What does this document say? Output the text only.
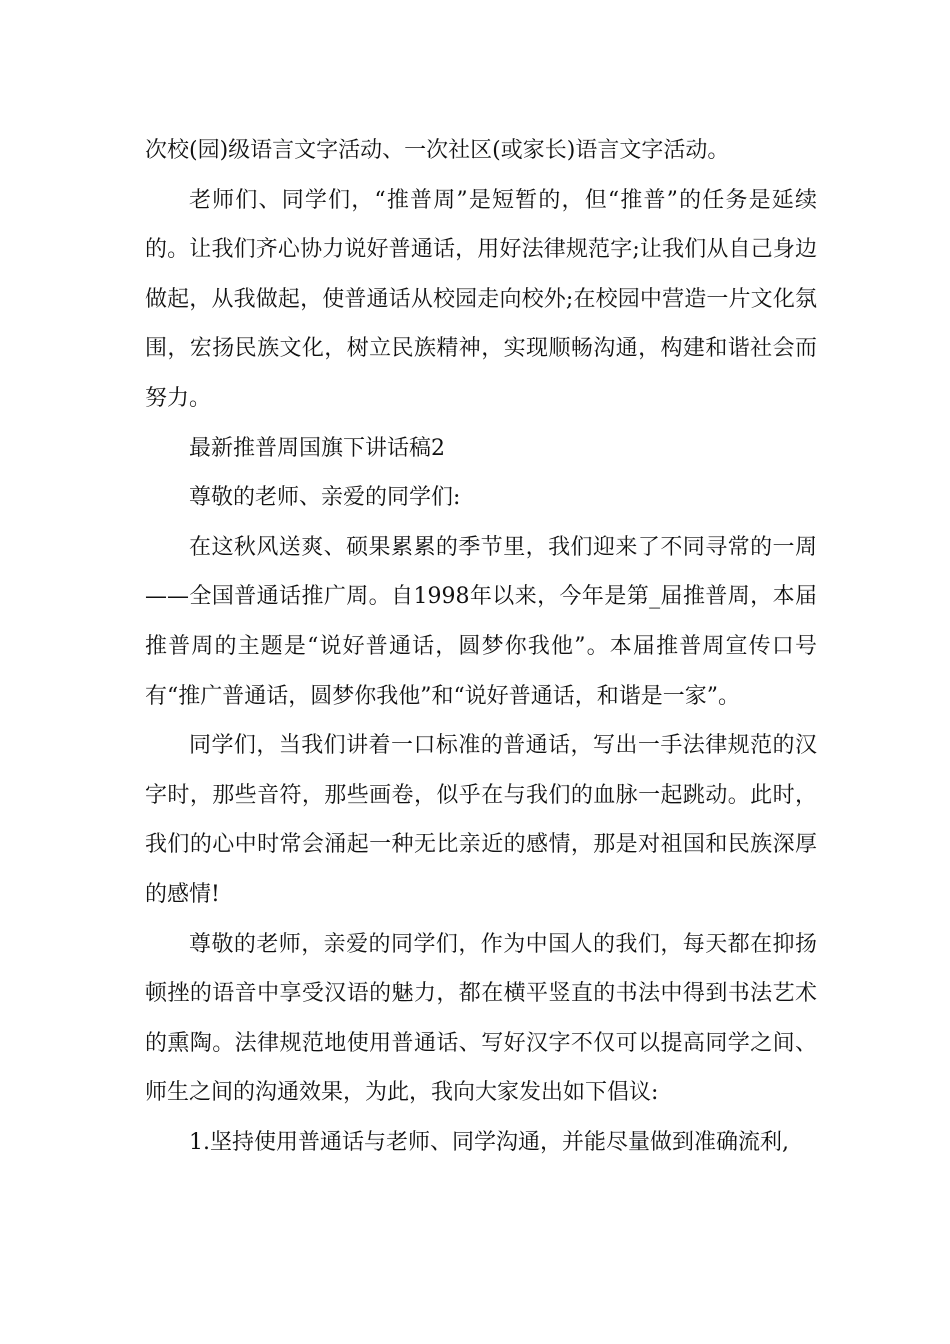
次校(园)级语言文字活动、一次社区(或家长)语言文字活动。

老师们、同学们，“推普周”是短暂的，但“推普”的任务是延续的。让我们齐心协力说好普通话，用好法律规范字;让我们从自己身边做起，从我做起，使普通话从校园走向校外;在校园中营造一片文化氛围，宏扬民族文化，树立民族精神，实现顺畅沟通，构建和谐社会而努力。

最新推普周国旗下讲话稿2

尊敬的老师、亲爱的同学们:

在这秋风送爽、硕果累累的季节里，我们迎来了不同寻常的一周——全国普通话推广周。自1998年以来，今年是第_届推普周，本届推普周的主题是“说好普通话，圆梦你我他”。本届推普周宣传口号有“推广普通话，圆梦你我他”和“说好普通话，和谐是一家”。

同学们，当我们讲着一口标准的普通话，写出一手法律规范的汉字时，那些音符，那些画卷，似乎在与我们的血脉一起跳动。此时，我们的心中时常会涌起一种无比亲近的感情，那是对祖国和民族深厚的感情!

尊敬的老师，亲爱的同学们，作为中国人的我们，每天都在抑扬顿挫的语音中享受汉语的魅力，都在横平竖直的书法中得到书法艺术的熏陶。法律规范地使用普通话、写好汉字不仅可以提高同学之间、师生之间的沟通效果，为此，我向大家发出如下倡议:

1.坚持使用普通话与老师、同学沟通，并能尽量做到准确流利,
